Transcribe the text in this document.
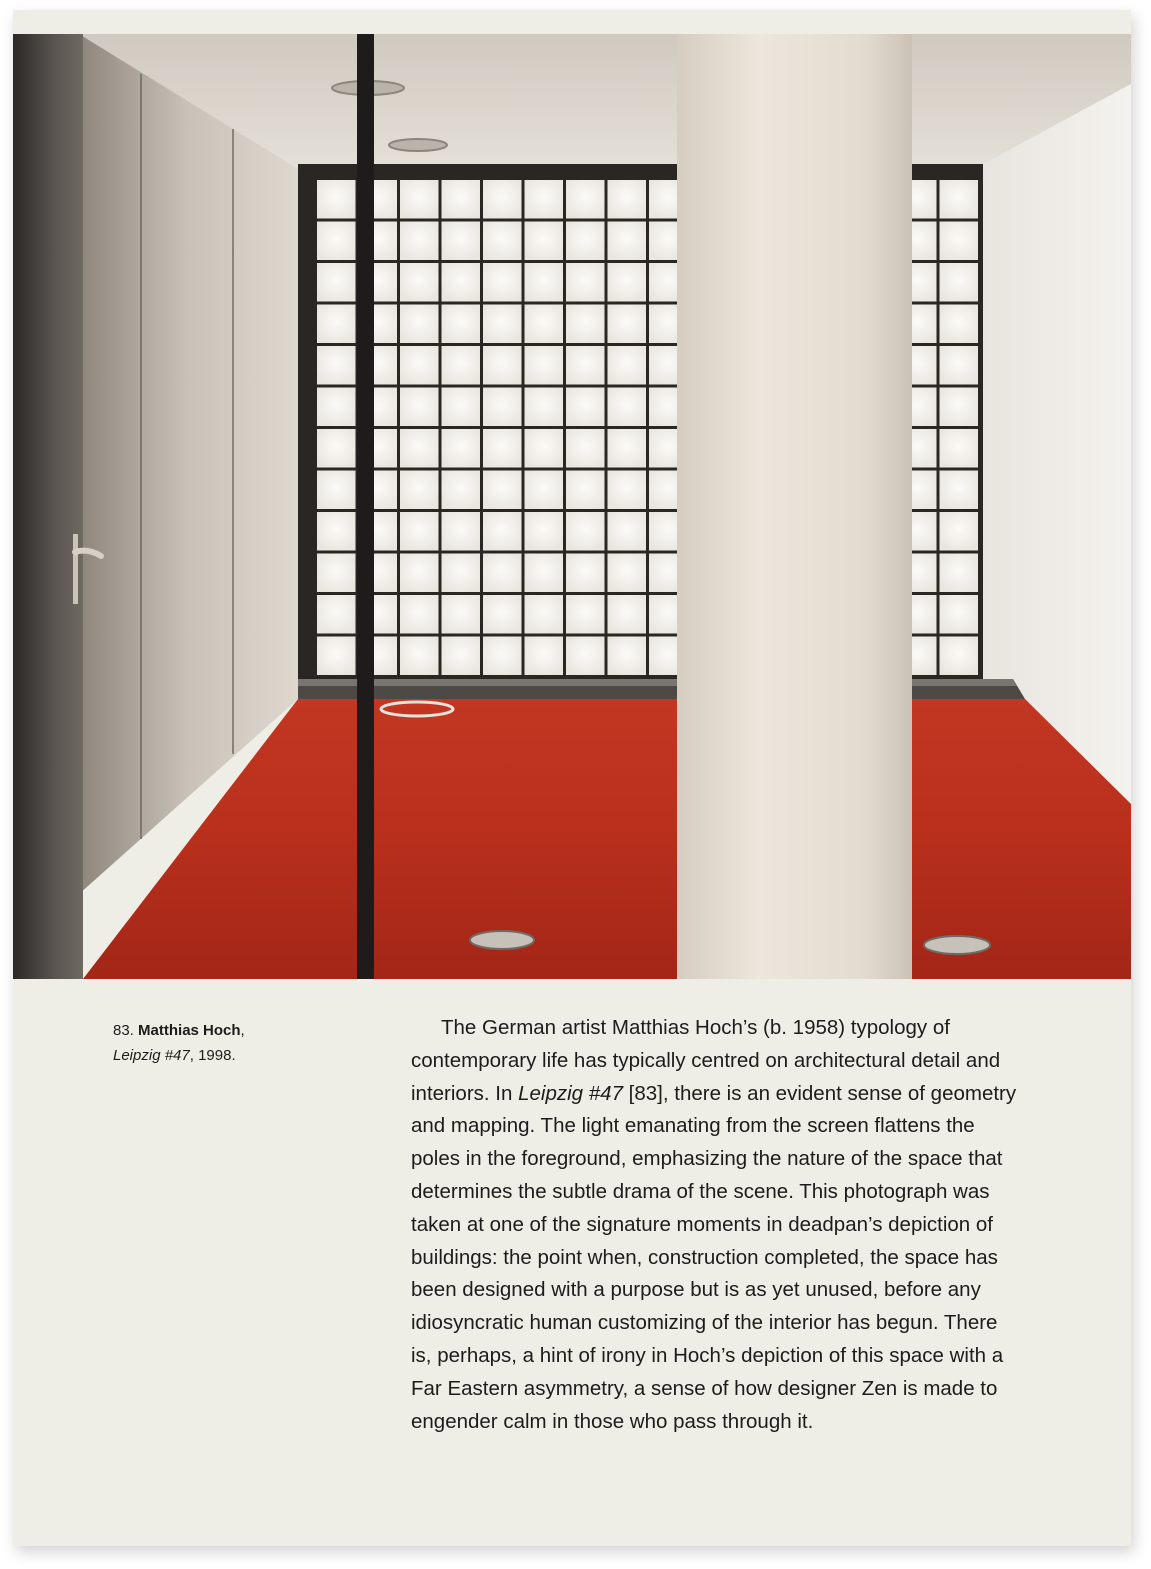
83. Matthias Hoch,
Leipzig #47, 1998.

The German artist Matthias Hoch’s (b. 1958) typology of contemporary life has typically centred on architectural detail and interiors. In Leipzig #47 [83], there is an evident sense of geometry and mapping. The light emanating from the screen flattens the poles in the foreground, emphasizing the nature of the space that determines the subtle drama of the scene. This photograph was taken at one of the signature moments in deadpan’s depiction of buildings: the point when, construction completed, the space has been designed with a purpose but is as yet unused, before any idiosyncratic human customizing of the interior has begun. There is, perhaps, a hint of irony in Hoch’s depiction of this space with a Far Eastern asymmetry, a sense of how designer Zen is made to engender calm in those who pass through it.
